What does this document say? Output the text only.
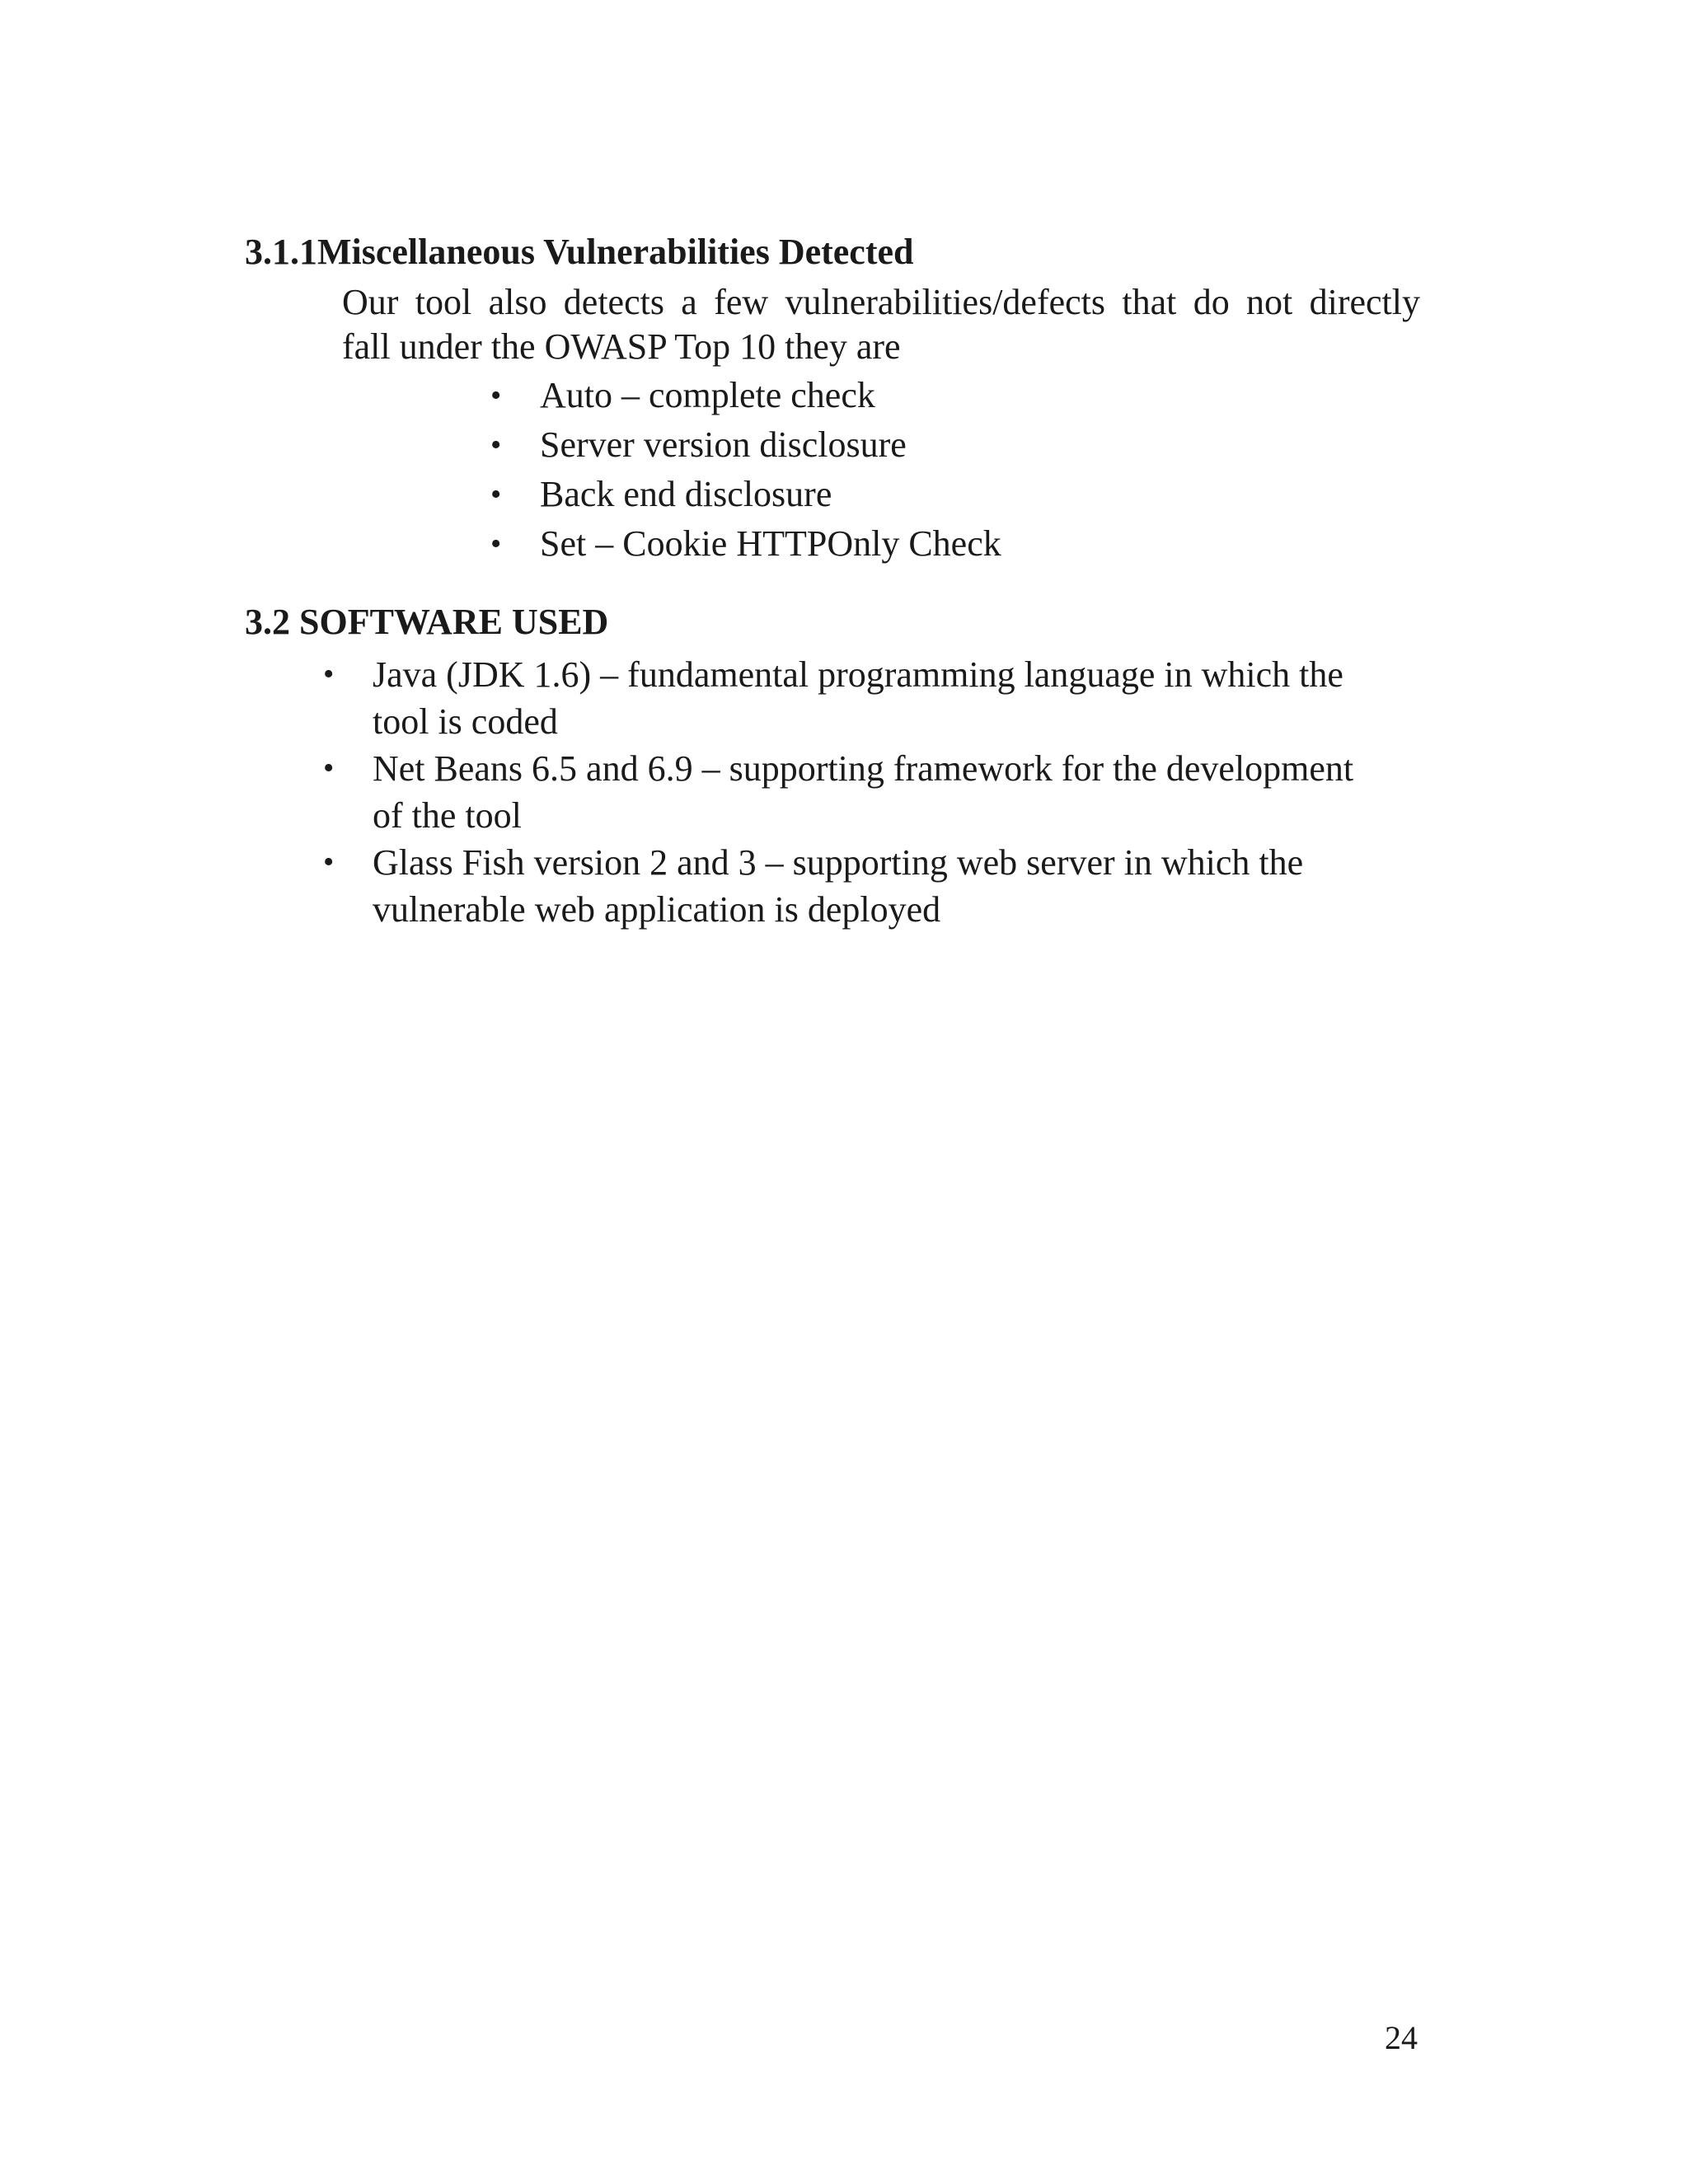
3.1.1Miscellaneous Vulnerabilities Detected

Our tool also detects a few vulnerabilities/defects that do not directly
fall under the OWASP Top 10 they are

• Auto – complete check
• Server version disclosure
• Back end disclosure
• Set – Cookie HTTPOnly Check
3.2 SOFTWARE USED
• Java (JDK 1.6) – fundamental programming language in which the
tool is coded
• Net Beans 6.5 and 6.9 – supporting framework for the development
of the tool
• Glass Fish version 2 and 3 – supporting web server in which the
vulnerable web application is deployed

24
